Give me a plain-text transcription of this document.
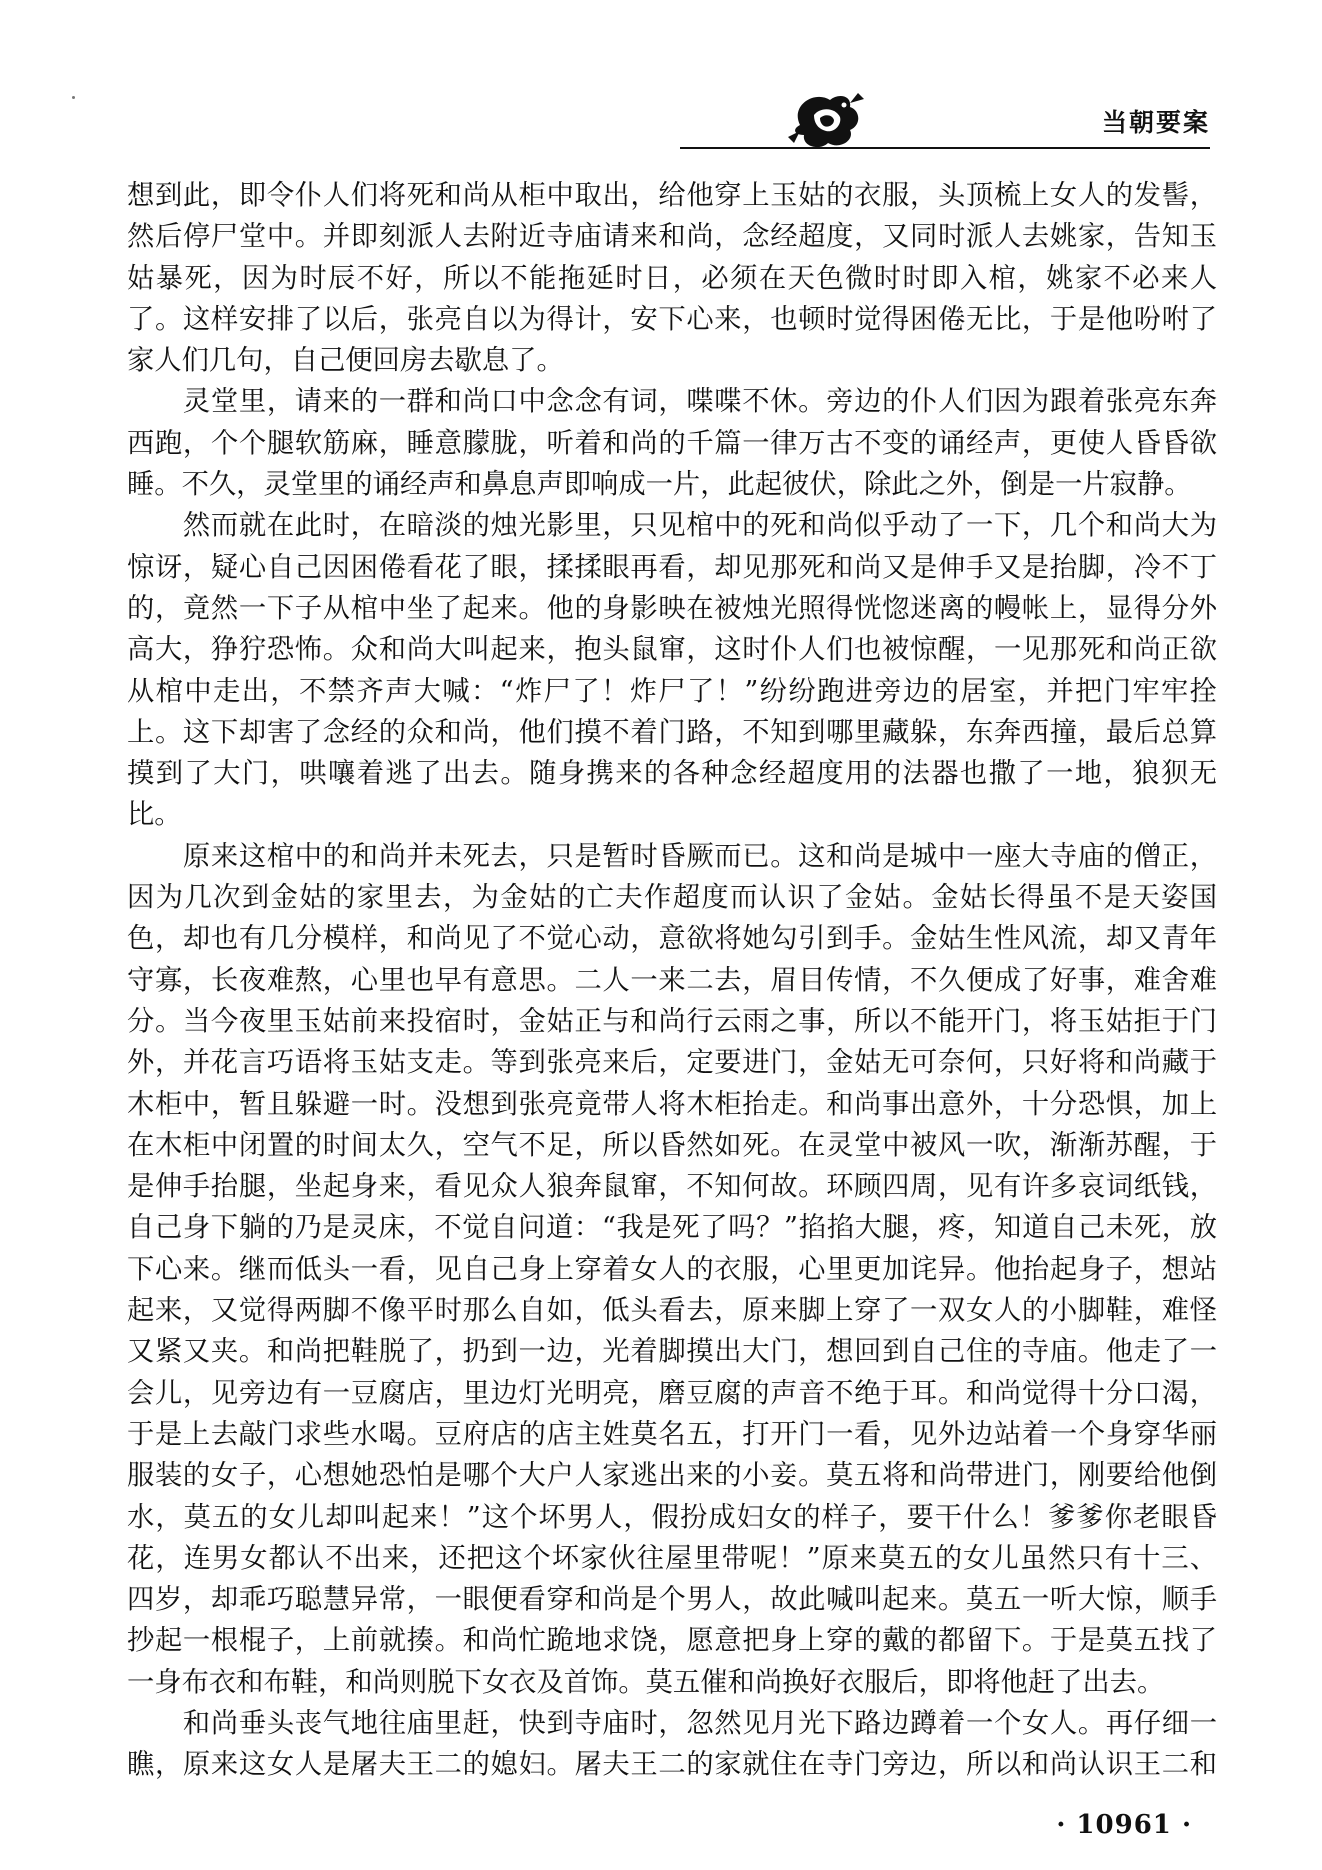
当朝要案
想到此，即令仆人们将死和尚从柜中取出，给他穿上玉姑的衣服，头顶梳上女人的发髻，
然后停尸堂中。并即刻派人去附近寺庙请来和尚，念经超度，又同时派人去姚家，告知玉
姑暴死，因为时辰不好，所以不能拖延时日，必须在天色微时时即入棺，姚家不必来人
了。这样安排了以后，张亮自以为得计，安下心来，也顿时觉得困倦无比，于是他吩咐了
家人们几句，自己便回房去歇息了。
　　灵堂里，请来的一群和尚口中念念有词，喋喋不休。旁边的仆人们因为跟着张亮东奔
西跑，个个腿软筋麻，睡意朦胧，听着和尚的千篇一律万古不变的诵经声，更使人昏昏欲
睡。不久，灵堂里的诵经声和鼻息声即响成一片，此起彼伏，除此之外，倒是一片寂静。
　　然而就在此时，在暗淡的烛光影里，只见棺中的死和尚似乎动了一下，几个和尚大为
惊讶，疑心自己因困倦看花了眼，揉揉眼再看，却见那死和尚又是伸手又是抬脚，冷不丁
的，竟然一下子从棺中坐了起来。他的身影映在被烛光照得恍惚迷离的幔帐上，显得分外
高大，狰狞恐怖。众和尚大叫起来，抱头鼠窜，这时仆人们也被惊醒，一见那死和尚正欲
从棺中走出，不禁齐声大喊：“炸尸了！炸尸了！”纷纷跑进旁边的居室，并把门牢牢拴
上。这下却害了念经的众和尚，他们摸不着门路，不知到哪里藏躲，东奔西撞，最后总算
摸到了大门，哄嚷着逃了出去。随身携来的各种念经超度用的法器也撒了一地，狼狈无
比。
　　原来这棺中的和尚并未死去，只是暂时昏厥而已。这和尚是城中一座大寺庙的僧正，
因为几次到金姑的家里去，为金姑的亡夫作超度而认识了金姑。金姑长得虽不是天姿国
色，却也有几分模样，和尚见了不觉心动，意欲将她勾引到手。金姑生性风流，却又青年
守寡，长夜难熬，心里也早有意思。二人一来二去，眉目传情，不久便成了好事，难舍难
分。当今夜里玉姑前来投宿时，金姑正与和尚行云雨之事，所以不能开门，将玉姑拒于门
外，并花言巧语将玉姑支走。等到张亮来后，定要进门，金姑无可奈何，只好将和尚藏于
木柜中，暂且躲避一时。没想到张亮竟带人将木柜抬走。和尚事出意外，十分恐惧，加上
在木柜中闭置的时间太久，空气不足，所以昏然如死。在灵堂中被风一吹，渐渐苏醒，于
是伸手抬腿，坐起身来，看见众人狼奔鼠窜，不知何故。环顾四周，见有许多哀词纸钱，
自己身下躺的乃是灵床，不觉自问道：“我是死了吗？”掐掐大腿，疼，知道自己未死，放
下心来。继而低头一看，见自己身上穿着女人的衣服，心里更加诧异。他抬起身子，想站
起来，又觉得两脚不像平时那么自如，低头看去，原来脚上穿了一双女人的小脚鞋，难怪
又紧又夹。和尚把鞋脱了，扔到一边，光着脚摸出大门，想回到自己住的寺庙。他走了一
会儿，见旁边有一豆腐店，里边灯光明亮，磨豆腐的声音不绝于耳。和尚觉得十分口渴，
于是上去敲门求些水喝。豆府店的店主姓莫名五，打开门一看，见外边站着一个身穿华丽
服装的女子，心想她恐怕是哪个大户人家逃出来的小妾。莫五将和尚带进门，刚要给他倒
水，莫五的女儿却叫起来！”这个坏男人，假扮成妇女的样子，要干什么！爹爹你老眼昏
花，连男女都认不出来，还把这个坏家伙往屋里带呢！”原来莫五的女儿虽然只有十三、
四岁，却乖巧聪慧异常，一眼便看穿和尚是个男人，故此喊叫起来。莫五一听大惊，顺手
抄起一根棍子，上前就揍。和尚忙跪地求饶，愿意把身上穿的戴的都留下。于是莫五找了
一身布衣和布鞋，和尚则脱下女衣及首饰。莫五催和尚换好衣服后，即将他赶了出去。
　　和尚垂头丧气地往庙里赶，快到寺庙时，忽然见月光下路边蹲着一个女人。再仔细一
瞧，原来这女人是屠夫王二的媳妇。屠夫王二的家就住在寺门旁边，所以和尚认识王二和
· 10961 ·
